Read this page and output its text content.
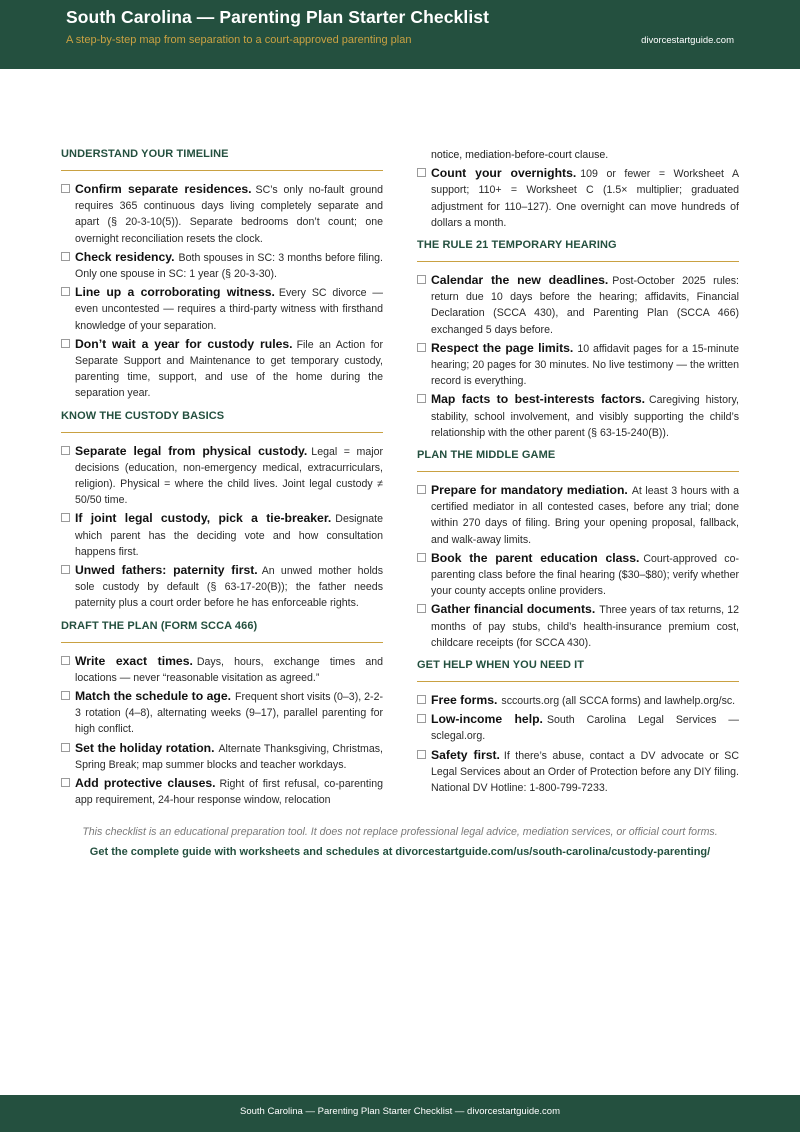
South Carolina — Parenting Plan Starter Checklist
A step-by-step map from separation to a court-approved parenting plan	divorcestartguide.com
UNDERSTAND YOUR TIMELINE
Confirm separate residences. SC’s only no-fault ground requires 365 continuous days living completely separate and apart (§ 20-3-10(5)). Separate bedrooms don’t count; one overnight reconciliation resets the clock.
Check residency. Both spouses in SC: 3 months before filing. Only one spouse in SC: 1 year (§ 20-3-30).
Line up a corroborating witness. Every SC divorce — even uncontested — requires a third-party witness with firsthand knowledge of your separation.
Don’t wait a year for custody rules. File an Action for Separate Support and Maintenance to get temporary custody, parenting time, support, and use of the home during the separation year.
KNOW THE CUSTODY BASICS
Separate legal from physical custody. Legal = major decisions (education, non-emergency medical, extracurriculars, religion). Physical = where the child lives. Joint legal custody ≠ 50/50 time.
If joint legal custody, pick a tie-breaker. Designate which parent has the deciding vote and how consultation happens first.
Unwed fathers: paternity first. An unwed mother holds sole custody by default (§ 63-17-20(B)); the father needs paternity plus a court order before he has enforceable rights.
DRAFT THE PLAN (FORM SCCA 466)
Write exact times. Days, hours, exchange times and locations — never “reasonable visitation as agreed.”
Match the schedule to age. Frequent short visits (0–3), 2-2-3 rotation (4–8), alternating weeks (9–17), parallel parenting for high conflict.
Set the holiday rotation. Alternate Thanksgiving, Christmas, Spring Break; map summer blocks and teacher workdays.
Add protective clauses. Right of first refusal, co-parenting app requirement, 24-hour response window, relocation
notice, mediation-before-court clause.
Count your overnights. 109 or fewer = Worksheet A support; 110+ = Worksheet C (1.5× multiplier; graduated adjustment for 110–127). One overnight can move hundreds of dollars a month.
THE RULE 21 TEMPORARY HEARING
Calendar the new deadlines. Post-October 2025 rules: return due 10 days before the hearing; affidavits, Financial Declaration (SCCA 430), and Parenting Plan (SCCA 466) exchanged 5 days before.
Respect the page limits. 10 affidavit pages for a 15-minute hearing; 20 pages for 30 minutes. No live testimony — the written record is everything.
Map facts to best-interests factors. Caregiving history, stability, school involvement, and visibly supporting the child’s relationship with the other parent (§ 63-15-240(B)).
PLAN THE MIDDLE GAME
Prepare for mandatory mediation. At least 3 hours with a certified mediator in all contested cases, before any trial; done within 270 days of filing. Bring your opening proposal, fallback, and walk-away limits.
Book the parent education class. Court-approved co-parenting class before the final hearing ($30–$80); verify whether your county accepts online providers.
Gather financial documents. Three years of tax returns, 12 months of pay stubs, child’s health-insurance premium cost, childcare receipts (for SCCA 430).
GET HELP WHEN YOU NEED IT
Free forms. sccourts.org (all SCCA forms) and lawhelp.org/sc.
Low-income help. South Carolina Legal Services — sclegal.org.
Safety first. If there’s abuse, contact a DV advocate or SC Legal Services about an Order of Protection before any DIY filing. National DV Hotline: 1-800-799-7233.
This checklist is an educational preparation tool. It does not replace professional legal advice, mediation services, or official court forms.
Get the complete guide with worksheets and schedules at divorcestartguide.com/us/south-carolina/custody-parenting/
South Carolina — Parenting Plan Starter Checklist — divorcestartguide.com
